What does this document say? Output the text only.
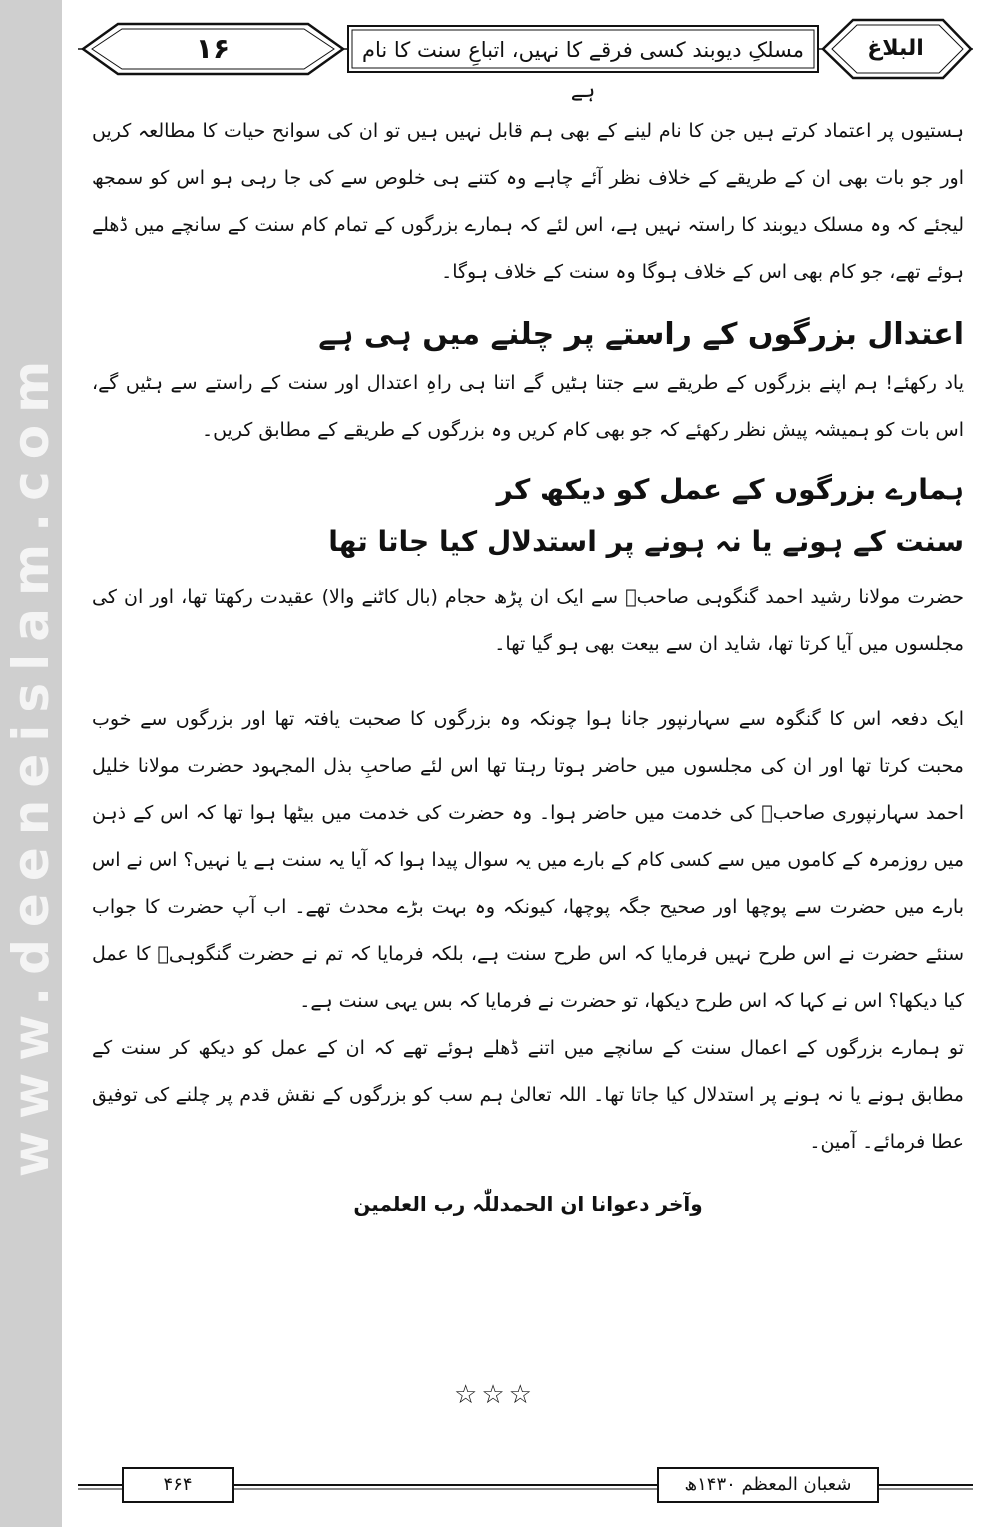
www.deeneislam.com
۱۶	مسلکِ دیوبند کسی فرقے کا نہیں، اتباعِ سنت کا نام ہے
البلاغ

ہستیوں پر اعتماد کرتے ہیں جن کا نام لینے کے بھی ہم قابل نہیں ہیں تو ان کی سوانح حیات کا مطالعہ کریں اور جو بات بھی ان کے طریقے کے خلاف نظر آئے چاہے وہ کتنے ہی خلوص سے کی جا رہی ہو اس کو سمجھ لیجئے کہ وہ مسلک دیوبند کا راستہ نہیں ہے، اس لئے کہ ہمارے بزرگوں کے تمام کام سنت کے سانچے میں ڈھلے ہوئے تھے، جو کام بھی اس کے خلاف ہوگا وہ سنت کے خلاف ہوگا۔

اعتدال بزرگوں کے راستے پر چلنے میں ہی ہے

یاد رکھئے! ہم اپنے بزرگوں کے طریقے سے جتنا ہٹیں گے اتنا ہی راہِ اعتدال اور سنت کے راستے سے ہٹیں گے، اس بات کو ہمیشہ پیش نظر رکھئے کہ جو بھی کام کریں وہ بزرگوں کے طریقے کے مطابق کریں۔

ہمارے بزرگوں کے عمل کو دیکھ کر

سنت کے ہونے یا نہ ہونے پر استدلال کیا جاتا تھا

حضرت مولانا رشید احمد گنگوہی صاحبؒ سے ایک ان پڑھ حجام (بال کاٹنے والا) عقیدت رکھتا تھا، اور ان کی مجلسوں میں آیا کرتا تھا، شاید ان سے بیعت بھی ہو گیا تھا۔

ایک دفعہ اس کا گنگوہ سے سہارنپور جانا ہوا چونکہ وہ بزرگوں کا صحبت یافتہ تھا اور بزرگوں سے خوب محبت کرتا تھا اور ان کی مجلسوں میں حاضر ہوتا رہتا تھا اس لئے صاحبِ بذل المجہود حضرت مولانا خلیل احمد سہارنپوری صاحبؒ کی خدمت میں حاضر ہوا۔ وہ حضرت کی خدمت میں بیٹھا ہوا تھا کہ اس کے ذہن میں روزمرہ کے کاموں میں سے کسی کام کے بارے میں یہ سوال پیدا ہوا کہ آیا یہ سنت ہے یا نہیں؟ اس نے اس بارے میں حضرت سے پوچھا اور صحیح جگہ پوچھا، کیونکہ وہ بہت بڑے محدث تھے۔ اب آپ حضرت کا جواب سنئے حضرت نے اس طرح نہیں فرمایا کہ اس طرح سنت ہے، بلکہ فرمایا کہ تم نے حضرت گنگوہیؒ کا عمل کیا دیکھا؟ اس نے کہا کہ اس طرح دیکھا، تو حضرت نے فرمایا کہ بس یہی سنت ہے۔

تو ہمارے بزرگوں کے اعمال سنت کے سانچے میں اتنے ڈھلے ہوئے تھے کہ ان کے عمل کو دیکھ کر سنت کے مطابق ہونے یا نہ ہونے پر استدلال کیا جاتا تھا۔ اللہ تعالیٰ ہم سب کو بزرگوں کے نقش قدم پر چلنے کی توفیق عطا فرمائے۔ آمین۔

وآخر دعوانا ان الحمدللّٰہ رب العلمین

☆☆☆
۴۶۴	شعبان المعظم ۱۴۳۰ھ
